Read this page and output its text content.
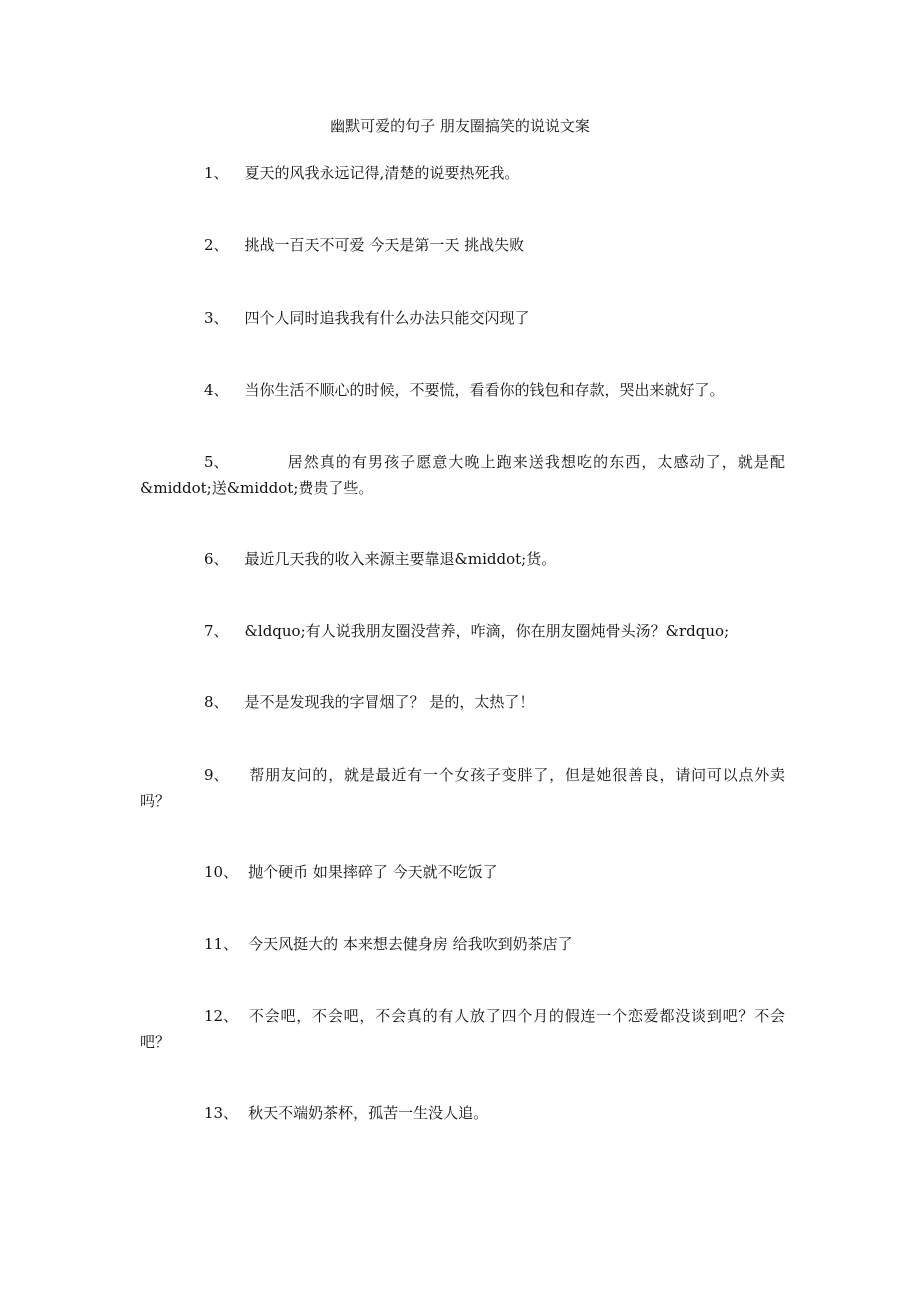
幽默可爱的句子 朋友圈搞笑的说说文案
1、 夏天的风我永远记得,清楚的说要热死我。
2、 挑战一百天不可爱 今天是第一天 挑战失败
3、 四个人同时追我我有什么办法只能交闪现了
4、 当你生活不顺心的时候，不要慌，看看你的钱包和存款，哭出来就好了。
5、	居然真的有男孩子愿意大晚上跑来送我想吃的东西，太感动了，就是配&middot;送&middot;费贵了些。
6、 最近几天我的收入来源主要靠退&middot;货。
7、 &ldquo;有人说我朋友圈没营养，咋滴，你在朋友圈炖骨头汤？&rdquo;
8、 是不是发现我的字冒烟了？ 是的，太热了！
9、 帮朋友问的，就是最近有一个女孩子变胖了，但是她很善良，请问可以点外卖吗？
10、 抛个硬币 如果摔碎了 今天就不吃饭了
11、 今天风挺大的 本来想去健身房 给我吹到奶茶店了
12、 不会吧，不会吧，不会真的有人放了四个月的假连一个恋爱都没谈到吧？不会吧？
13、 秋天不端奶茶杯，孤苦一生没人追。
